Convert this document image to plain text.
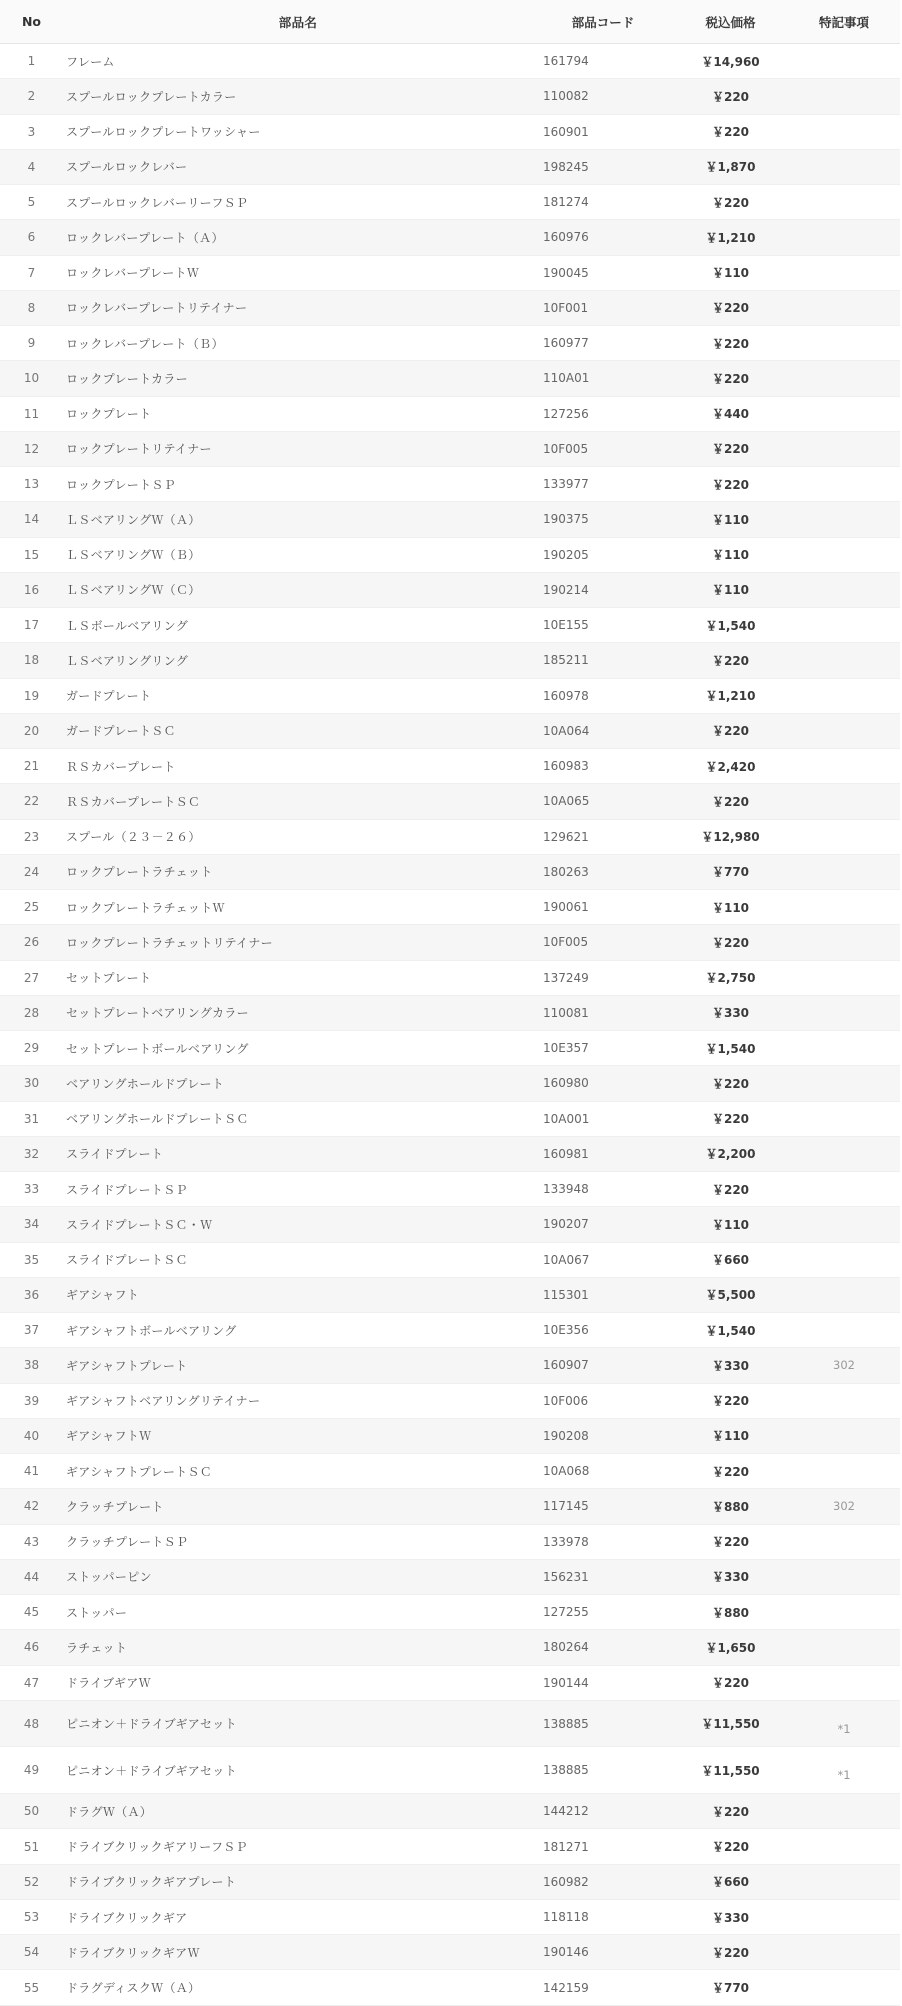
No	部品名	部品コード	税込価格	特記事項
1	フレーム	161794	￥14,960
2	スプールロックプレートカラー	110082	￥220
3	スプールロックプレートワッシャー	160901	￥220
4	スプールロックレバー	198245	￥1,870
5	スプールロックレバーリーフＳＰ	181274	￥220
6	ロックレバープレート（Ａ）	160976	￥1,210
7	ロックレバープレートＷ	190045	￥110
8	ロックレバープレートリテイナー	10F001	￥220
9	ロックレバープレート（Ｂ）	160977	￥220
10	ロックプレートカラー	110A01	￥220
11	ロックプレート	127256	￥440
12	ロックプレートリテイナー	10F005	￥220
13	ロックプレートＳＰ	133977	￥220
14	ＬＳベアリングＷ（Ａ）	190375	￥110
15	ＬＳベアリングＷ（Ｂ）	190205	￥110
16	ＬＳベアリングＷ（Ｃ）	190214	￥110
17	ＬＳボールベアリング	10E155	￥1,540
18	ＬＳベアリングリング	185211	￥220
19	ガードプレート	160978	￥1,210
20	ガードプレートＳＣ	10A064	￥220
21	ＲＳカバープレート	160983	￥2,420
22	ＲＳカバープレートＳＣ	10A065	￥220
23	スプール（２３－２６）	129621	￥12,980
24	ロックプレートラチェット	180263	￥770
25	ロックプレートラチェットＷ	190061	￥110
26	ロックプレートラチェットリテイナー	10F005	￥220
27	セットプレート	137249	￥2,750
28	セットプレートベアリングカラー	110081	￥330
29	セットプレートボールベアリング	10E357	￥1,540
30	ベアリングホールドプレート	160980	￥220
31	ベアリングホールドプレートＳＣ	10A001	￥220
32	スライドプレート	160981	￥2,200
33	スライドプレートＳＰ	133948	￥220
34	スライドプレートＳＣ・Ｗ	190207	￥110
35	スライドプレートＳＣ	10A067	￥660
36	ギアシャフト	115301	￥5,500
37	ギアシャフトボールベアリング	10E356	￥1,540
38	ギアシャフトプレート	160907	￥330	302
39	ギアシャフトベアリングリテイナー	10F006	￥220
40	ギアシャフトＷ	190208	￥110
41	ギアシャフトプレートＳＣ	10A068	￥220
42	クラッチプレート	117145	￥880	302
43	クラッチプレートＳＰ	133978	￥220
44	ストッパーピン	156231	￥330
45	ストッパー	127255	￥880
46	ラチェット	180264	￥1,650
47	ドライブギアＷ	190144	￥220
48	ピニオン＋ドライブギアセット	138885	￥11,550	*1
49	ピニオン＋ドライブギアセット	138885	￥11,550	*1
50	ドラグＷ（Ａ）	144212	￥220
51	ドライブクリックギアリーフＳＰ	181271	￥220
52	ドライブクリックギアプレート	160982	￥660
53	ドライブクリックギア	118118	￥330
54	ドライブクリックギアＷ	190146	￥220
55	ドラグディスクＷ（Ａ）	142159	￥770
